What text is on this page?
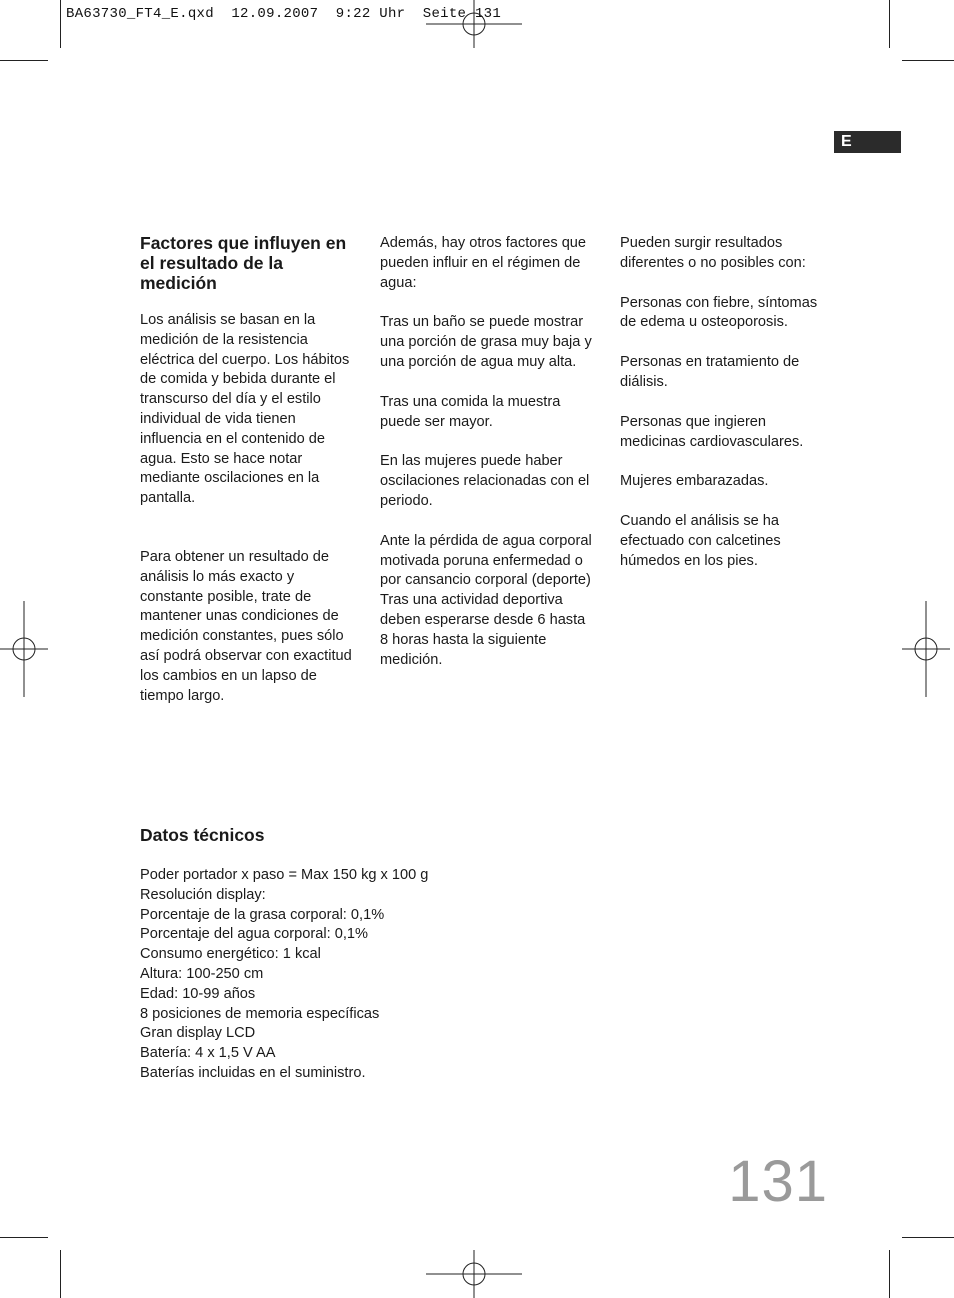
BA63730_FT4_E.qxd  12.09.2007  9:22 Uhr  Seite 131
E
Factores que influyen en el resultado de la medición

Los análisis se basan en la medición de la resistencia eléctrica del cuerpo. Los hábitos de comida y bebida durante el transcurso del día y el estilo individual de vida tienen influencia en el contenido de agua. Esto se hace notar mediante oscilaciones en la pantalla.

Para obtener un resultado de análisis lo más exacto y constante posible, trate de mantener unas condiciones de medición constantes, pues sólo así podrá observar con exactitud los cambios en un lapso de tiempo largo.

Además, hay otros factores que pueden influir en el régimen de agua:

Tras un baño se puede mostrar una porción de grasa muy baja y una porción de agua muy alta.

Tras una comida la muestra puede ser mayor.

En las mujeres puede haber oscilaciones relacionadas con el periodo.

Ante la pérdida de agua corporal motivada poruna enfermedad o por cansancio corporal (deporte) Tras una actividad deportiva deben esperarse desde 6 hasta 8 horas hasta la siguiente medición.

Pueden surgir resultados diferentes o no posibles con:

Personas con fiebre, síntomas de edema u osteoporosis.

Personas en tratamiento de diálisis.

Personas que ingieren medicinas cardiovasculares.

Mujeres embarazadas.

Cuando el análisis se ha efectuado con calcetines húmedos en los pies.

Datos técnicos
Poder portador x paso = Max 150 kg x 100 g
Resolución display:
Porcentaje de la grasa corporal: 0,1%
Porcentaje del agua corporal: 0,1%
Consumo energético: 1 kcal
Altura: 100-250 cm
Edad: 10-99 años
8 posiciones de memoria específicas
Gran display LCD
Batería: 4 x 1,5 V AA
Baterías incluidas en el suministro.
131
